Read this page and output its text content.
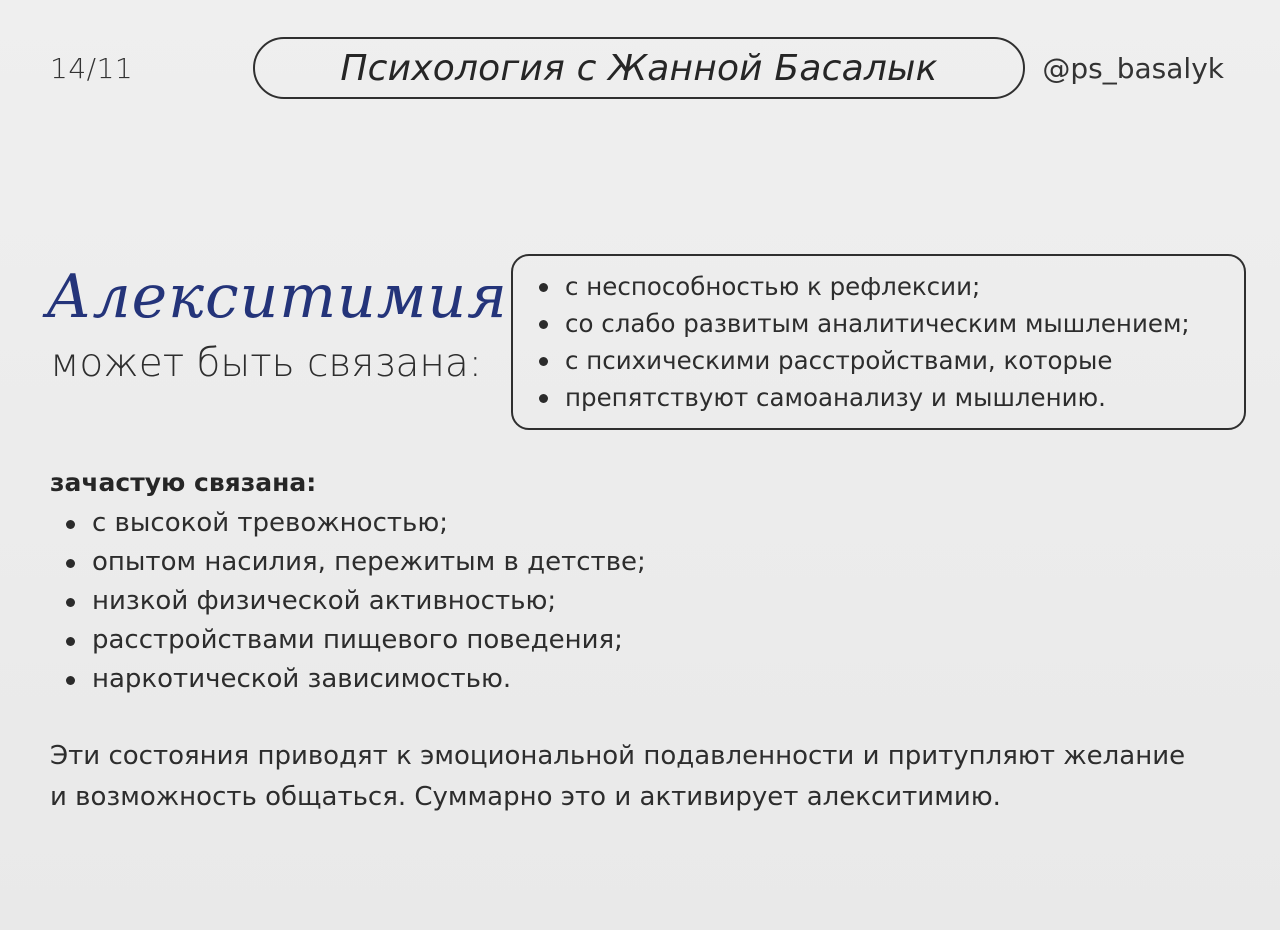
14/11	Психология с Жанной Басалык	@ps_basalyk
Алекситимия
может быть связана:
с неспособностью к рефлексии;
со слабо развитым аналитическим мышлением;
с психическими расстройствами, которые
препятствуют самоанализу и мышлению.
зачастую связана:
с высокой тревожностью;
опытом насилия, пережитым в детстве;
низкой физической активностью;
расстройствами пищевого поведения;
наркотической зависимостью.
Эти состояния приводят к эмоциональной подавленности и притупляют желание
и возможность общаться. Суммарно это и активирует алекситимию.
